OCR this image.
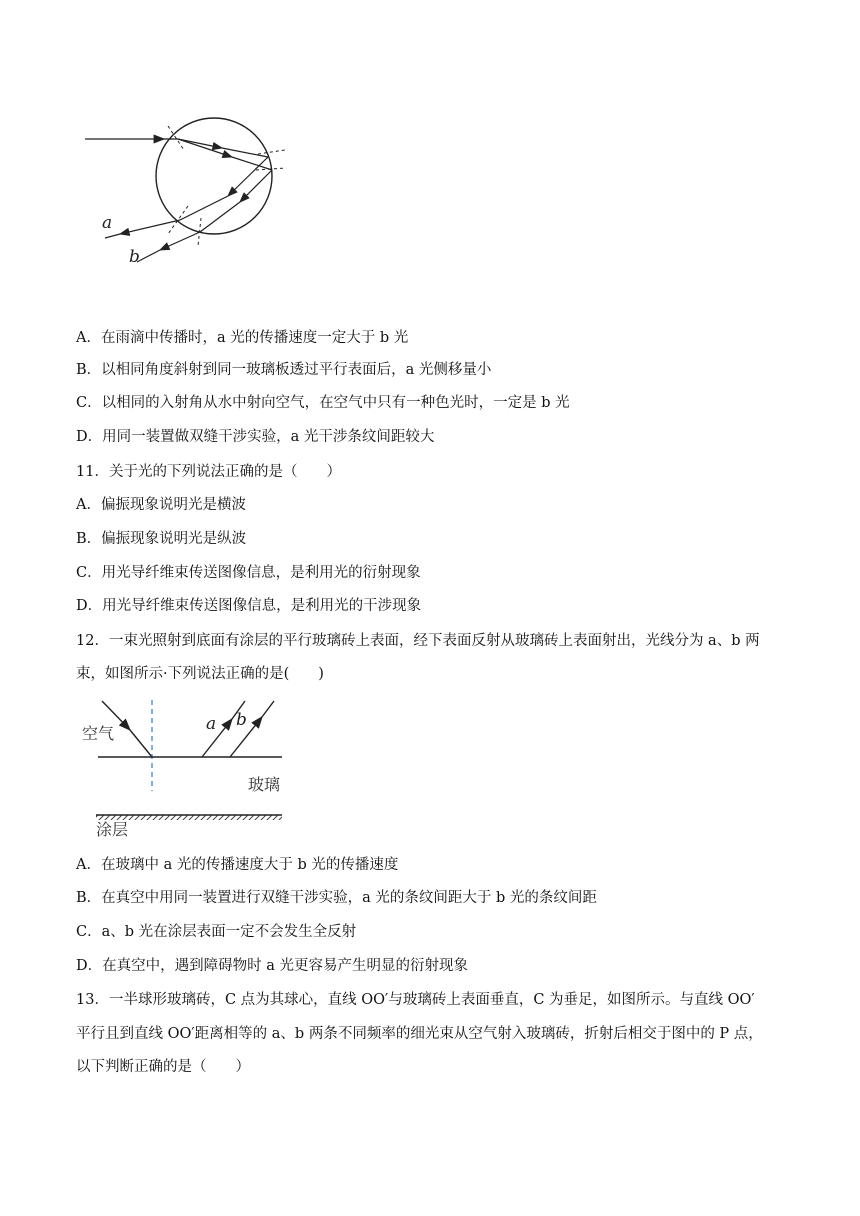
a
b
A．在雨滴中传播时，a 光的传播速度一定大于 b 光
B．以相同角度斜射到同一玻璃板透过平行表面后，a 光侧移量小
C．以相同的入射角从水中射向空气，在空气中只有一种色光时，一定是 b 光
D．用同一装置做双缝干涉实验，a 光干涉条纹间距较大
11．关于光的下列说法正确的是（　　）
A．偏振现象说明光是横波
B．偏振现象说明光是纵波
C．用光导纤维束传送图像信息，是利用光的衍射现象
D．用光导纤维束传送图像信息，是利用光的干涉现象
12．一束光照射到底面有涂层的平行玻璃砖上表面，经下表面反射从玻璃砖上表面射出，光线分为 a、b 两
束，如图所示·下列说法正确的是(　　)
空气
玻璃
涂层
a b
A．在玻璃中 a 光的传播速度大于 b 光的传播速度
B．在真空中用同一装置进行双缝干涉实验，a 光的条纹间距大于 b 光的条纹间距
C．a、b 光在涂层表面一定不会发生全反射
D．在真空中，遇到障碍物时 a 光更容易产生明显的衍射现象
13．一半球形玻璃砖，C 点为其球心，直线 OO′与玻璃砖上表面垂直，C 为垂足，如图所示。与直线 OO′
平行且到直线 OO′距离相等的 a、b 两条不同频率的细光束从空气射入玻璃砖，折射后相交于图中的 P 点，
以下判断正确的是（　　）
